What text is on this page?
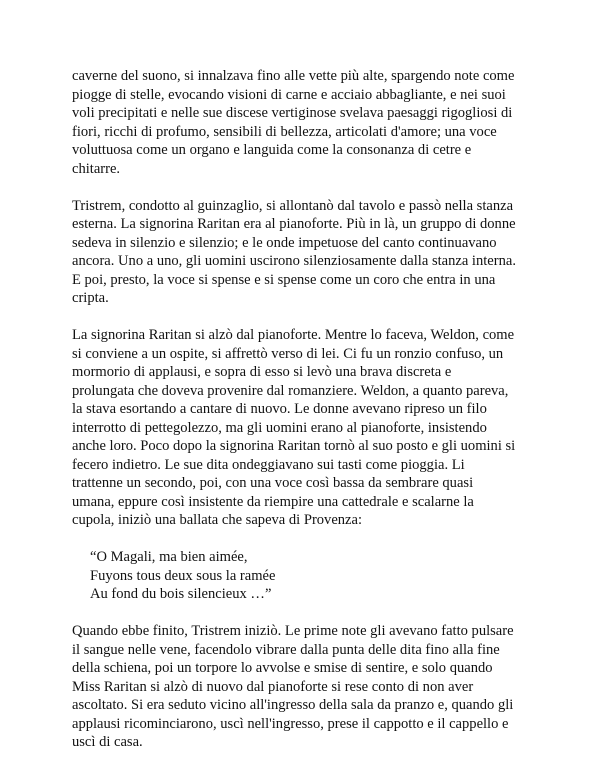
caverne del suono, si innalzava fino alle vette più alte, spargendo note come
piogge di stelle, evocando visioni di carne e acciaio abbagliante, e nei suoi
voli precipitati e nelle sue discese vertiginose svelava paesaggi rigogliosi di
fiori, ricchi di profumo, sensibili di bellezza, articolati d'amore; una voce
voluttuosa come un organo e languida come la consonanza di cetre e
chitarre.
Tristrem, condotto al guinzaglio, si allontanò dal tavolo e passò nella stanza
esterna. La signorina Raritan era al pianoforte. Più in là, un gruppo di donne
sedeva in silenzio e silenzio; e le onde impetuose del canto continuavano
ancora. Uno a uno, gli uomini uscirono silenziosamente dalla stanza interna.
E poi, presto, la voce si spense e si spense come un coro che entra in una
cripta.
La signorina Raritan si alzò dal pianoforte. Mentre lo faceva, Weldon, come
si conviene a un ospite, si affrettò verso di lei. Ci fu un ronzio confuso, un
mormorio di applausi, e sopra di esso si levò una brava discreta e
prolungata che doveva provenire dal romanziere. Weldon, a quanto pareva,
la stava esortando a cantare di nuovo. Le donne avevano ripreso un filo
interrotto di pettegolezzo, ma gli uomini erano al pianoforte, insistendo
anche loro. Poco dopo la signorina Raritan tornò al suo posto e gli uomini si
fecero indietro. Le sue dita ondeggiavano sui tasti come pioggia. Li
trattenne un secondo, poi, con una voce così bassa da sembrare quasi
umana, eppure così insistente da riempire una cattedrale e scalarne la
cupola, iniziò una ballata che sapeva di Provenza:
“O Magali, ma bien aimée,
Fuyons tous deux sous la ramée
Au fond du bois silencieux …”
Quando ebbe finito, Tristrem iniziò. Le prime note gli avevano fatto pulsare
il sangue nelle vene, facendolo vibrare dalla punta delle dita fino alla fine
della schiena, poi un torpore lo avvolse e smise di sentire, e solo quando
Miss Raritan si alzò di nuovo dal pianoforte si rese conto di non aver
ascoltato. Si era seduto vicino all'ingresso della sala da pranzo e, quando gli
applausi ricominciarono, uscì nell'ingresso, prese il cappotto e il cappello e
uscì di casa.
